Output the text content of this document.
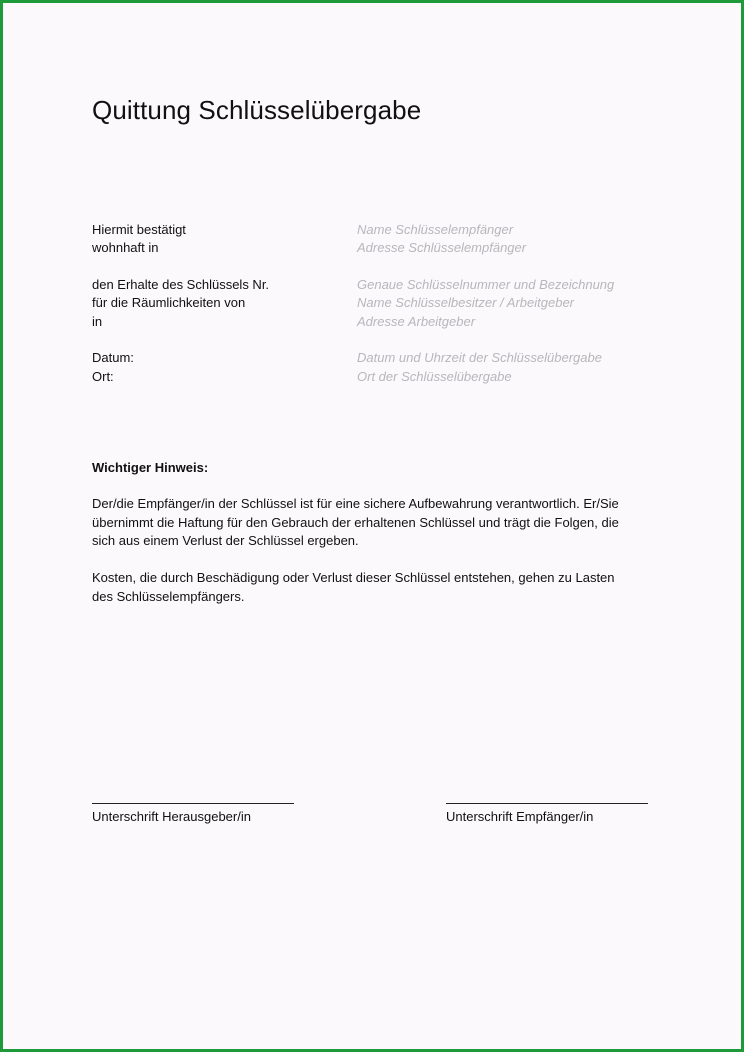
Quittung Schlüsselübergabe
Hiermit bestätigt	Name Schlüsselempfänger
wohnhaft in	Adresse Schlüsselempfänger
den Erhalte des Schlüssels Nr.	Genaue Schlüsselnummer und Bezeichnung
für die Räumlichkeiten von	Name Schlüsselbesitzer / Arbeitgeber
in	Adresse Arbeitgeber
Datum:	Datum und Uhrzeit der Schlüsselübergabe
Ort:	Ort der Schlüsselübergabe
Wichtiger Hinweis:
Der/die Empfänger/in der Schlüssel ist für eine sichere Aufbewahrung verantwortlich. Er/Sie
übernimmt die Haftung für den Gebrauch der erhaltenen Schlüssel und trägt die Folgen, die
sich aus einem Verlust der Schlüssel ergeben.
Kosten, die durch Beschädigung oder Verlust dieser Schlüssel entstehen, gehen zu Lasten
des Schlüsselempfängers.
Unterschrift Herausgeber/in	Unterschrift Empfänger/in
